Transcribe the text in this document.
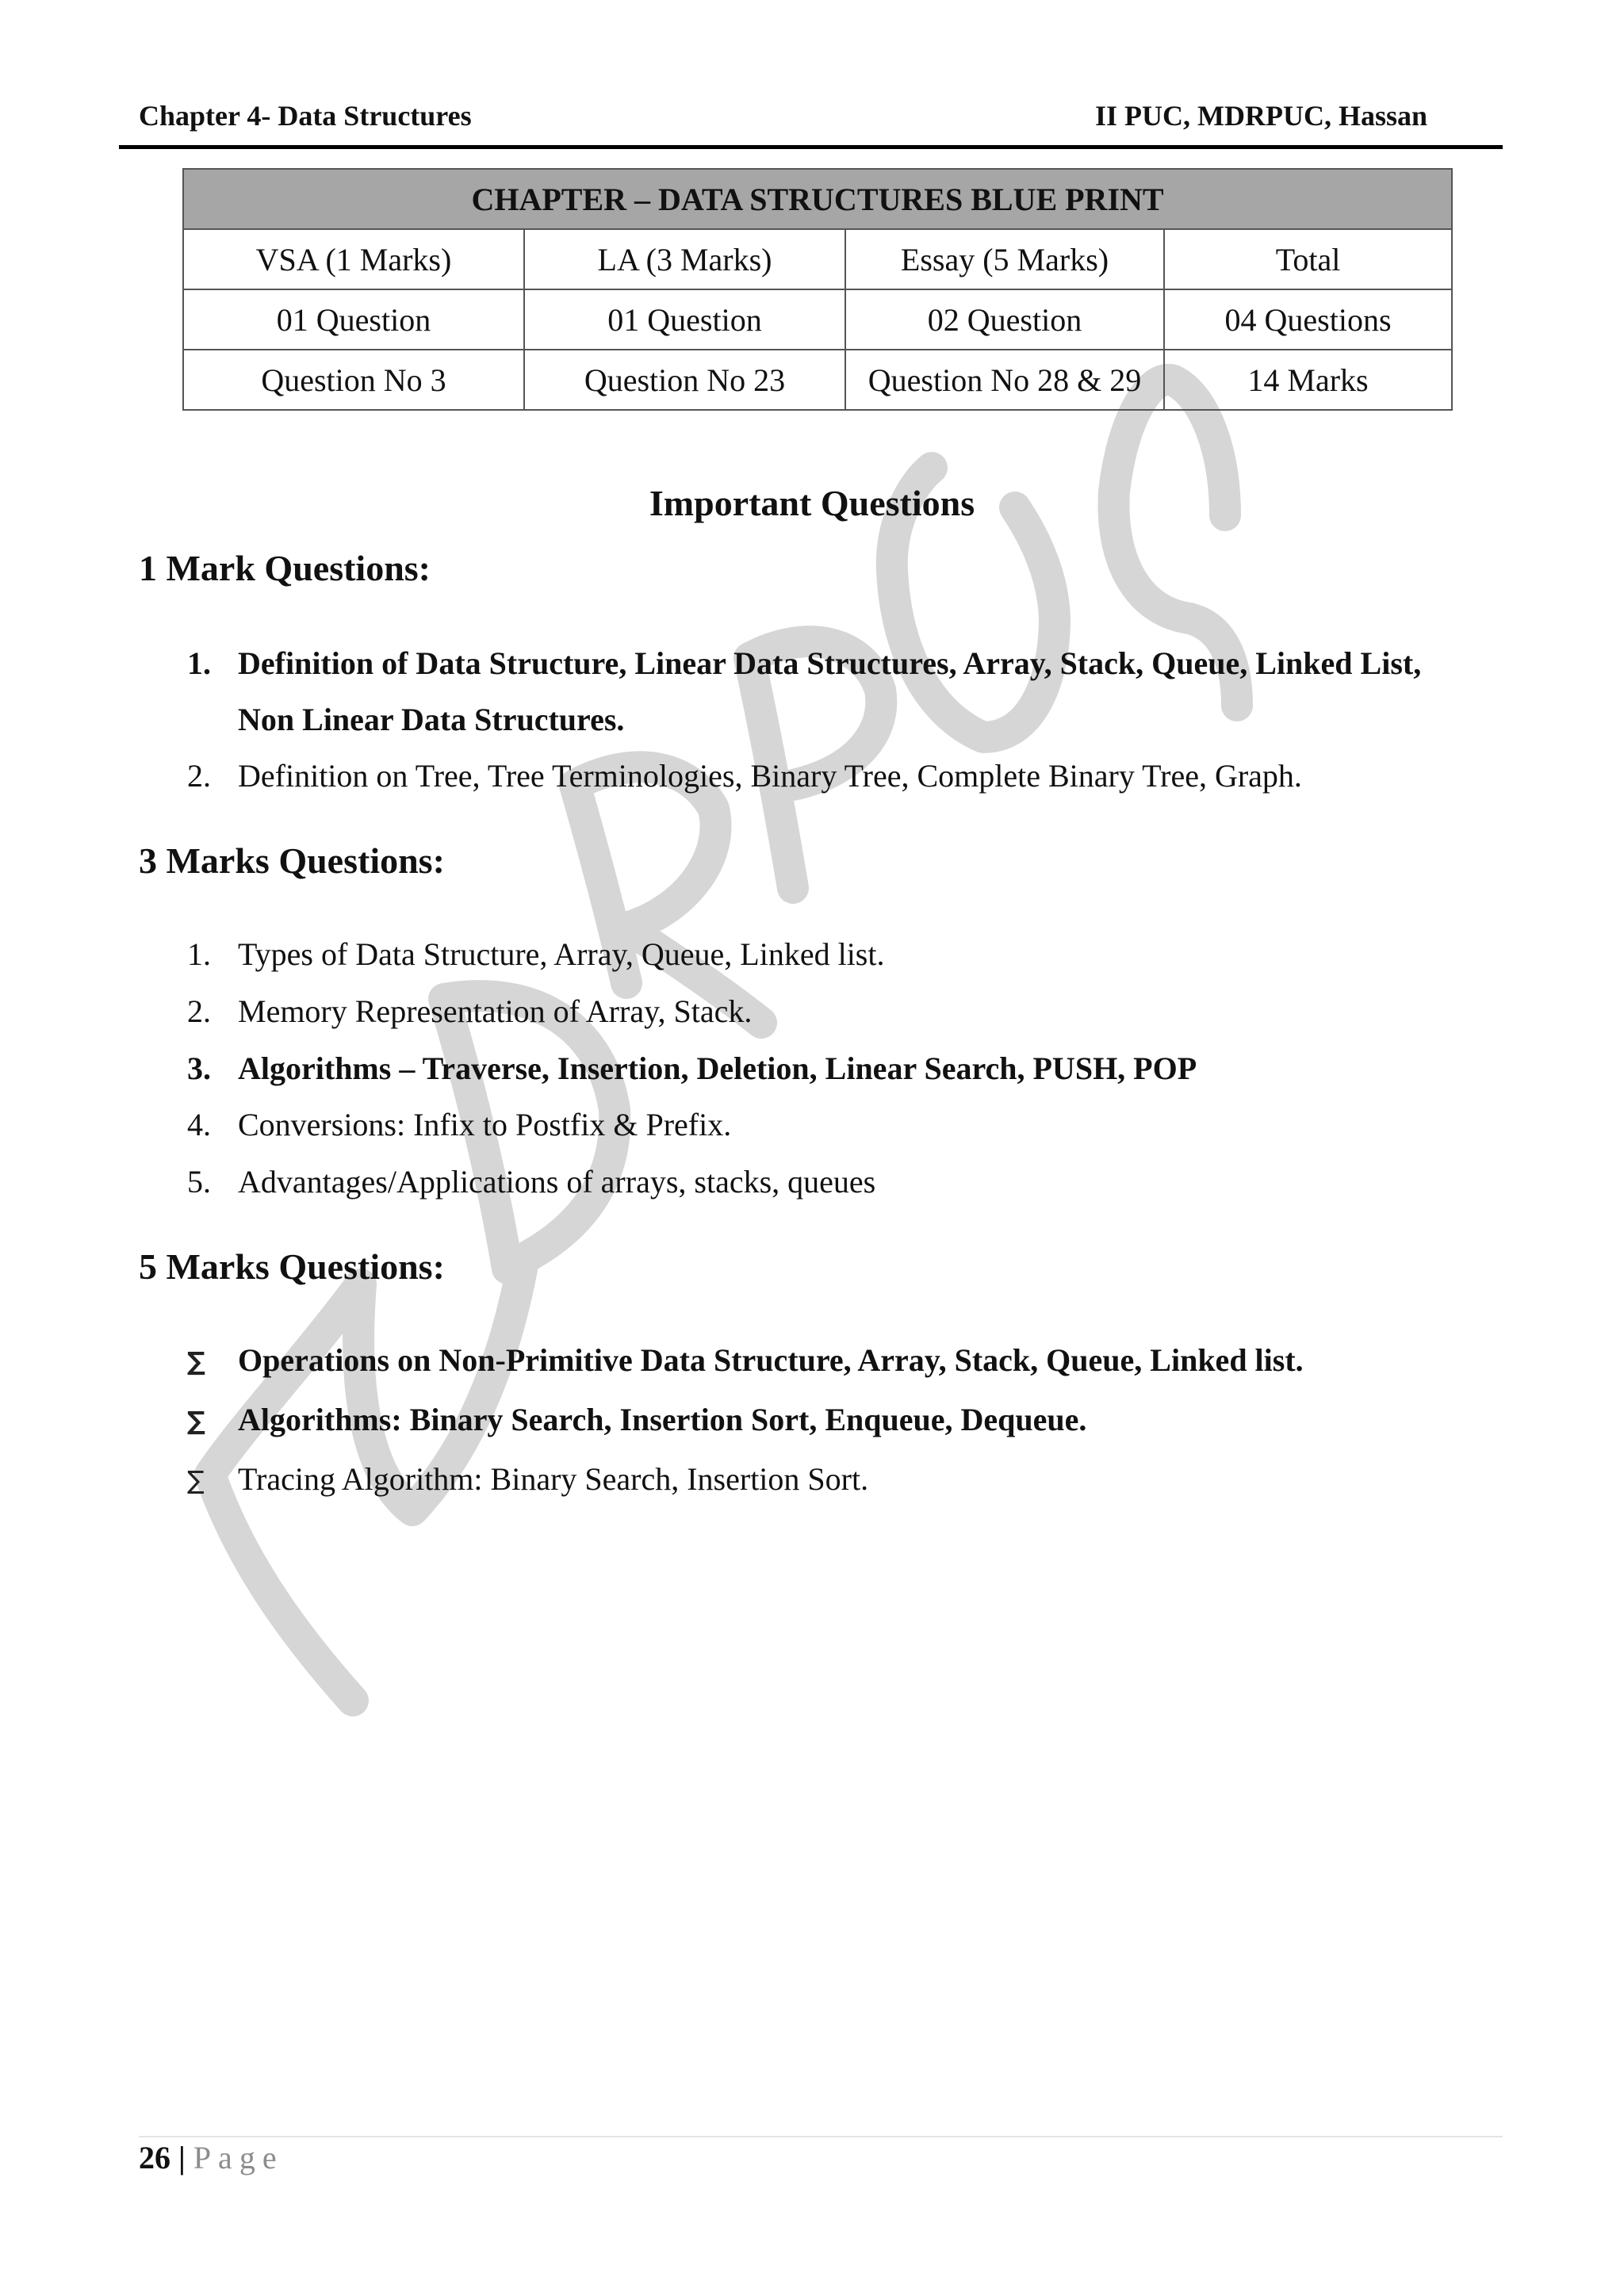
Chapter 4- Data Structures	II PUC, MDRPUC, Hassan
CHAPTER – DATA STRUCTURES BLUE PRINT			
VSA (1 Marks)	LA (3 Marks)	Essay (5 Marks)	Total
01 Question	01 Question	02 Question	04 Questions
Question No 3	Question No 23	Question No 28 & 29	14 Marks
Important Questions
1 Mark Questions:
1. Definition of Data Structure, Linear Data Structures, Array, Stack, Queue, Linked List,
Non Linear Data Structures.
2. Definition on Tree, Tree Terminologies, Binary Tree, Complete Binary Tree, Graph.
3 Marks Questions:
1. Types of Data Structure, Array, Queue, Linked list.
2. Memory Representation of Array, Stack.
3. Algorithms – Traverse, Insertion, Deletion, Linear Search, PUSH, POP
4. Conversions: Infix to Postfix & Prefix.
5. Advantages/Applications of arrays, stacks, queues
5 Marks Questions:
∑ Operations on Non-Primitive Data Structure, Array, Stack, Queue, Linked list.
∑ Algorithms: Binary Search, Insertion Sort, Enqueue, Dequeue.
∑ Tracing Algorithm: Binary Search, Insertion Sort.
26 | Page
